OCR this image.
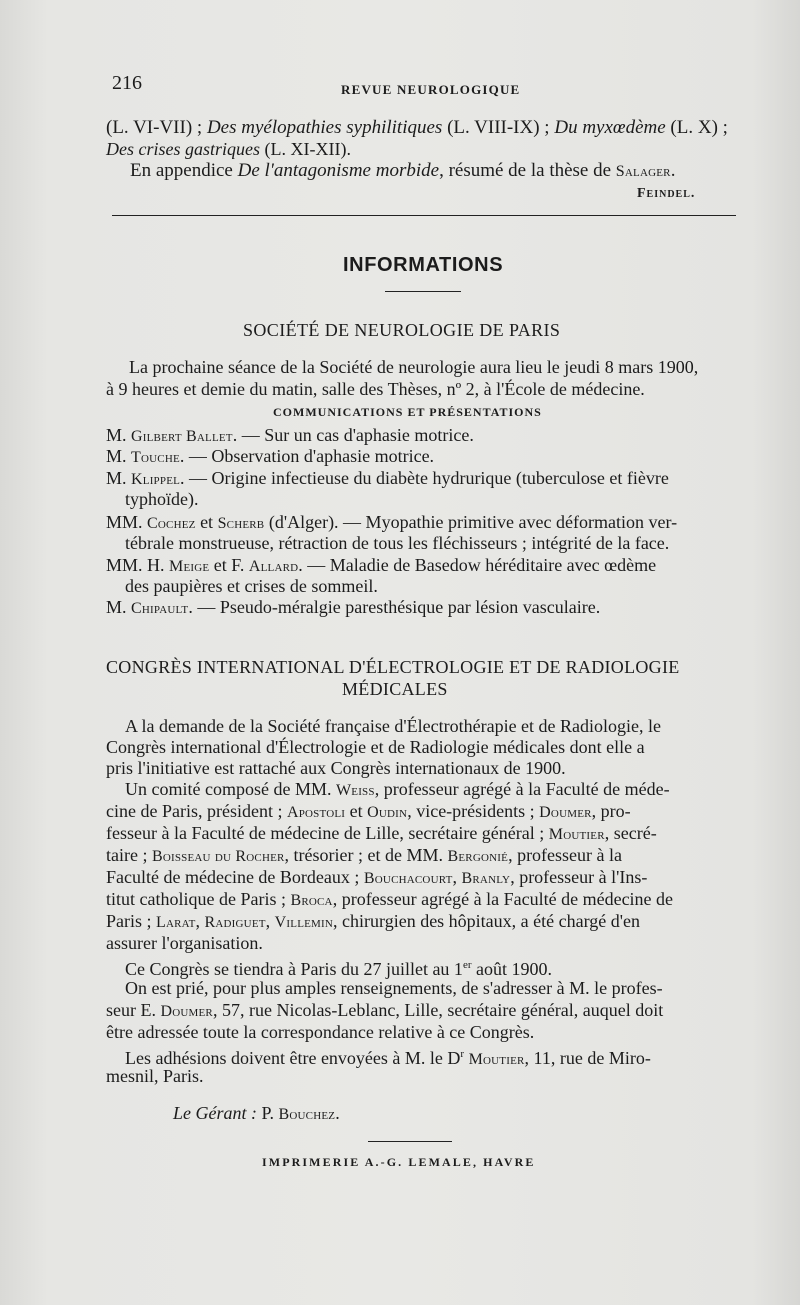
216	REVUE NEUROLOGIQUE
(L. VI-VII) ; Des myélopathies syphilitiques (L. VIII-IX) ; Du myxœdème (L. X) ;
Des crises gastriques (L. XI-XII).
En appendice De l'antagonisme morbide, résumé de la thèse de Salager.
Feindel.
INFORMATIONS
SOCIÉTÉ DE NEUROLOGIE DE PARIS
La prochaine séance de la Société de neurologie aura lieu le jeudi 8 mars 1900,
à 9 heures et demie du matin, salle des Thèses, nº 2, à l'École de médecine.
COMMUNICATIONS ET PRÉSENTATIONS
M. Gilbert Ballet. — Sur un cas d'aphasie motrice.
M. Touche. — Observation d'aphasie motrice.
M. Klippel. — Origine infectieuse du diabète hydrurique (tuberculose et fièvre
typhoïde).
MM. Cochez et Scherb (d'Alger). — Myopathie primitive avec déformation ver-
tébrale monstrueuse, rétraction de tous les fléchisseurs ; intégrité de la face.
MM. H. Meige et F. Allard. — Maladie de Basedow héréditaire avec œdème
des paupières et crises de sommeil.
M. Chipault. — Pseudo-méralgie paresthésique par lésion vasculaire.
CONGRÈS INTERNATIONAL D'ÉLECTROLOGIE ET DE RADIOLOGIE
MÉDICALES
A la demande de la Société française d'Électrothérapie et de Radiologie, le
Congrès international d'Électrologie et de Radiologie médicales dont elle a
pris l'initiative est rattaché aux Congrès internationaux de 1900.
Un comité composé de MM. Weiss, professeur agrégé à la Faculté de méde-
cine de Paris, président ; Apostoli et Oudin, vice-présidents ; Doumer, pro-
fesseur à la Faculté de médecine de Lille, secrétaire général ; Moutier, secré-
taire ; Boisseau du Rocher, trésorier ; et de MM. Bergonié, professeur à la
Faculté de médecine de Bordeaux ; Bouchacourt, Branly, professeur à l'Ins-
titut catholique de Paris ; Broca, professeur agrégé à la Faculté de médecine de
Paris ; Larat, Radiguet, Villemin, chirurgien des hôpitaux, a été chargé d'en
assurer l'organisation.
Ce Congrès se tiendra à Paris du 27 juillet au 1er août 1900.
On est prié, pour plus amples renseignements, de s'adresser à M. le profes-
seur E. Doumer, 57, rue Nicolas-Leblanc, Lille, secrétaire général, auquel doit
être adressée toute la correspondance relative à ce Congrès.
Les adhésions doivent être envoyées à M. le $D^r$ Moutier, 11, rue de Miro-
mesnil, Paris.
Le Gérant : P. Bouchez.
IMPRIMERIE A.-G. LEMALE, HAVRE
